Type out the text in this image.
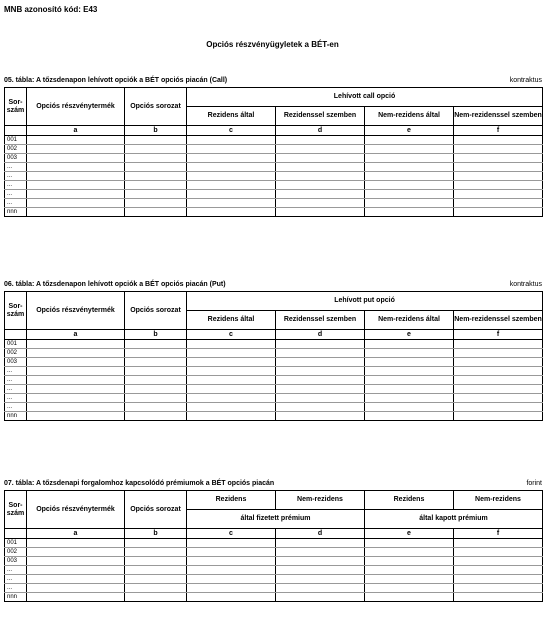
MNB azonosító kód: E43
Opciós részvényügyletek a BÉT-en
05. tábla: A tőzsdenapon lehívott opciók a BÉT opciós piacán (Call)	kontraktus
Sor-szám	Opciós részvénytermék	Opciós sorozat	Lehívott call opció			
			Rezidens által	Rezidenssel szemben	Nem-rezidens által	Nem-rezidenssel szemben
	a	b	c	d	e	f
001						
002						
003						
...						
...						
...						
...						
...						
nnn						
06. tábla: A tőzsdenapon lehívott opciók a BÉT opciós piacán (Put)	kontraktus
Sor-szám	Opciós részvénytermék	Opciós sorozat	Lehívott put opció			
			Rezidens által	Rezidenssel szemben	Nem-rezidens által	Nem-rezidenssel szemben
	a	b	c	d	e	f
001						
002						
003						
...						
...						
...						
...						
...						
nnn						
07. tábla: A tőzsdenapi forgalomhoz kapcsolódó prémiumok a BÉT opciós piacán	forint
Sor-szám	Opciós részvénytermék	Opciós sorozat	Rezidens	Nem-rezidens	Rezidens	Nem-rezidens
			által fizetett prémium		által kapott prémium	
	a	b	c	d	e	f
001						
002						
003						
...						
...						
...						
nnn						
